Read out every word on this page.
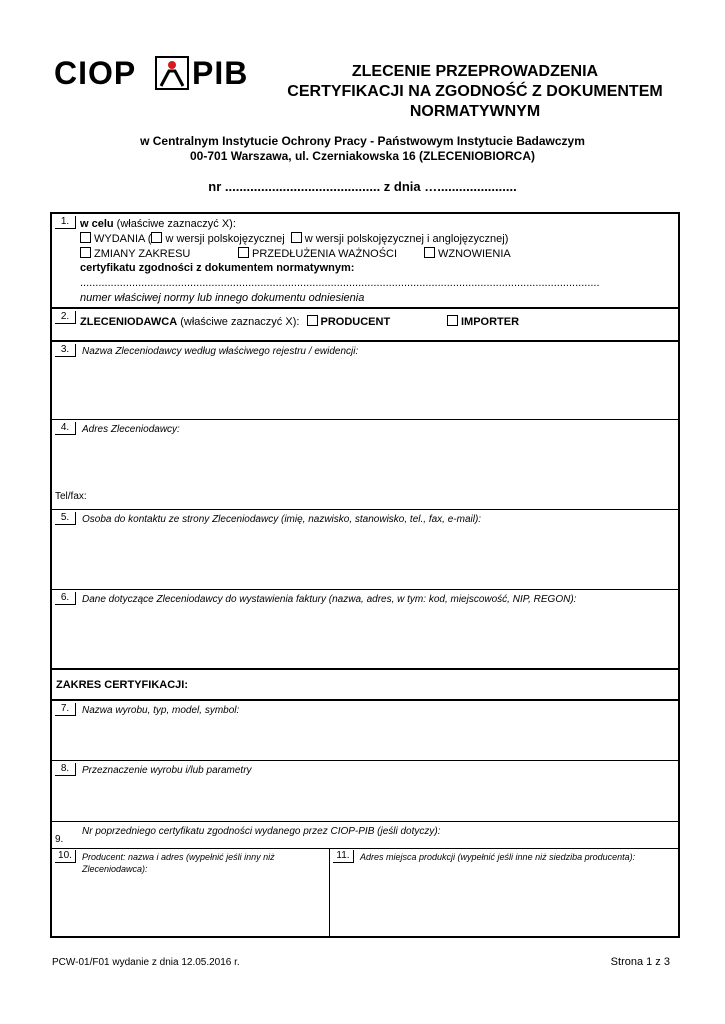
CIOP PIB	ZLECENIE PRZEPROWADZENIA
CERTYFIKACJI NA ZGODNOŚĆ Z DOKUMENTEM
NORMATYWNYM
w Centralnym Instytucie Ochrony Pracy - Państwowym Instytucie Badawczym
00-701 Warszawa, ul. Czerniakowska 16 (ZLECENIOBIORCA)
nr ........................................... z dnia …......................
1. w celu (właściwe zaznaczyć X):
WYDANIA ( w wersji polskojęzycznej w wersji polskojęzycznej i anglojęzycznej)
ZMIANY ZAKRESU	PRZEDŁUŻENIA WAŻNOŚCI	WZNOWIENIA
certyfikatu zgodności z dokumentem normatywnym:
..........................................................................................................................................................................
numer właściwej normy lub innego dokumentu odniesienia
2. ZLECENIODAWCA (właściwe zaznaczyć X): PRODUCENT	IMPORTER
3.	Nazwa Zleceniodawcy według właściwego rejestru / ewidencji:
4.	Adres Zleceniodawcy:
Tel/fax:
5.	Osoba do kontaktu ze strony Zleceniodawcy (imię, nazwisko, stanowisko, tel., fax, e-mail):
6.	Dane dotyczące Zleceniodawcy do wystawienia faktury (nazwa, adres, w tym: kod, miejscowość, NIP, REGON):
ZAKRES CERTYFIKACJI:
7.	Nazwa wyrobu, typ, model, symbol:
8.	Przeznaczenie wyrobu i/lub parametry
9.
Nr poprzedniego certyfikatu zgodności wydanego przez CIOP-PIB (jeśli dotyczy):
10.	Producent: nazwa i adres (wypełnić jeśli inny niż Zleceniodawca):
11.	Adres miejsca produkcji (wypełnić jeśli inne niż siedziba producenta):
PCW-01/F01 wydanie z dnia 12.05.2016 r.	Strona 1 z 3
